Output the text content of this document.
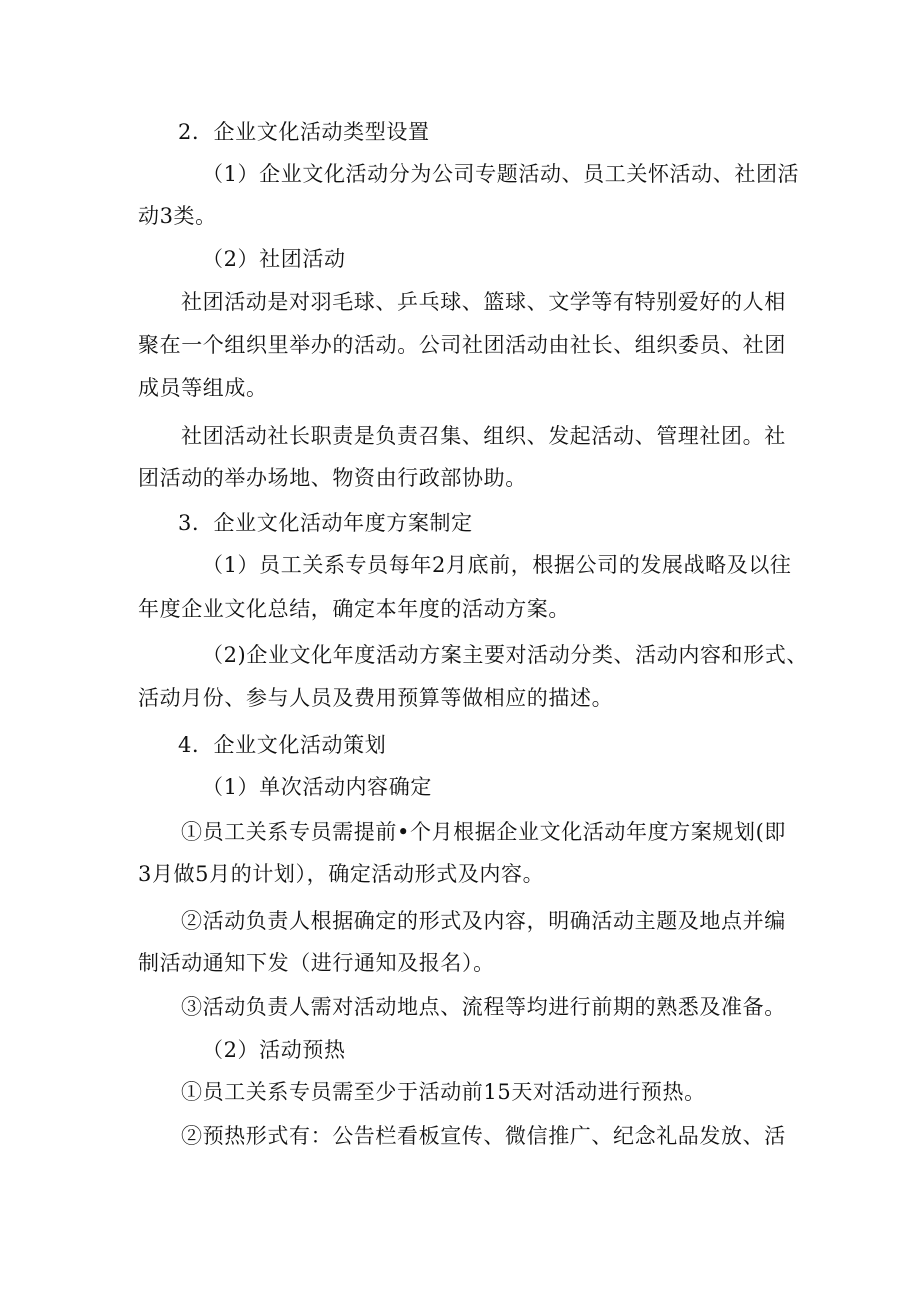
2．企业文化活动类型设置
（1）企业文化活动分为公司专题活动、员工关怀活动、社团活
动3类。
（2）社团活动
社团活动是对羽毛球、乒乓球、篮球、文学等有特别爱好的人相
聚在一个组织里举办的活动。公司社团活动由社长、组织委员、社团
成员等组成。
社团活动社长职责是负责召集、组织、发起活动、管理社团。社
团活动的举办场地、物资由行政部协助。
3．企业文化活动年度方案制定
（1）员工关系专员每年2月底前，根据公司的发展战略及以往
年度企业文化总结，确定本年度的活动方案。
（2)企业文化年度活动方案主要对活动分类、活动内容和形式、
活动月份、参与人员及费用预算等做相应的描述。
4．企业文化活动策划
（1）单次活动内容确定
①员工关系专员需提前•个月根据企业文化活动年度方案规划(即
3月做5月的计划），确定活动形式及内容。
②活动负责人根据确定的形式及内容，明确活动主题及地点并编
制活动通知下发（进行通知及报名）。
③活动负责人需对活动地点、流程等均进行前期的熟悉及准备。
（2）活动预热
①员工关系专员需至少于活动前15天对活动进行预热。
②预热形式有：公告栏看板宣传、微信推广、纪念礼品发放、活
